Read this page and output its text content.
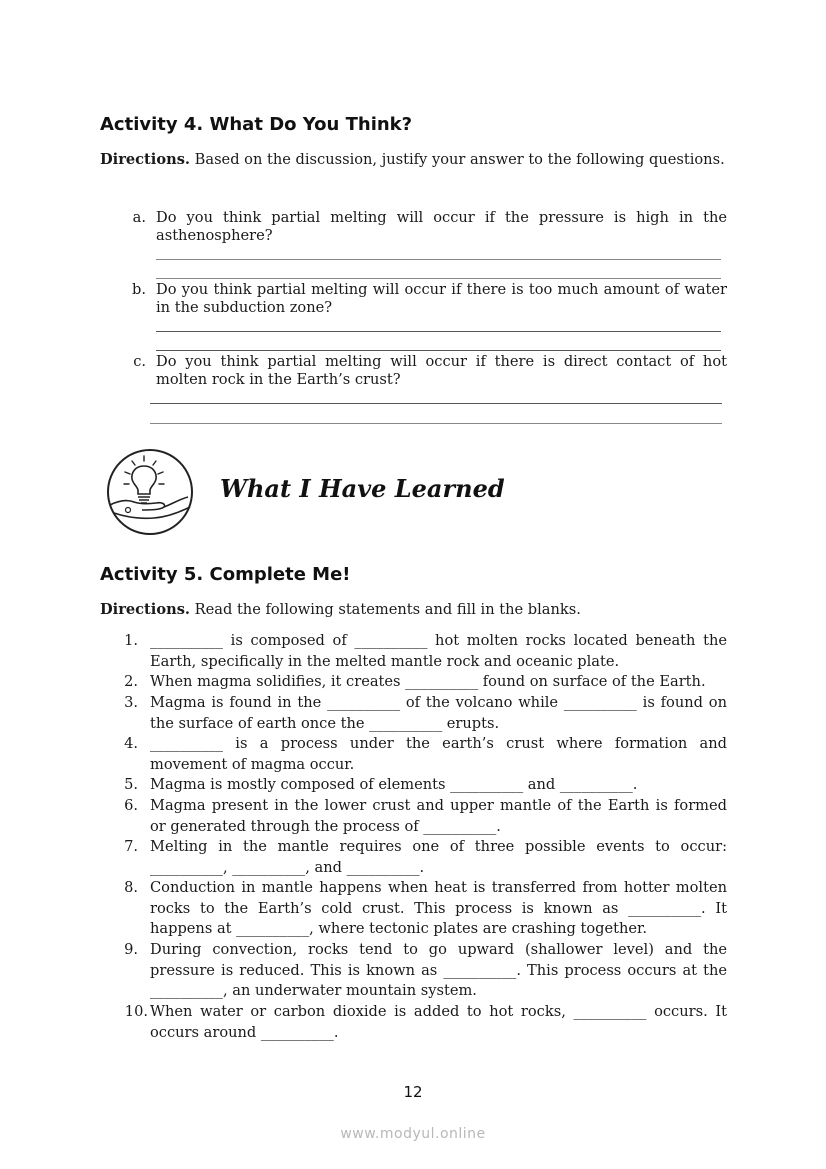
Activity 4. What Do You Think?
Directions. Based on the discussion, justify your answer to the following questions.
a. Do you think partial melting will occur if the pressure is high in the asthenosphere?
b. Do you think partial melting will occur if there is too much amount of water in the subduction zone?
c. Do you think partial melting will occur if there is direct contact of hot molten rock in the Earth’s crust?
What I Have Learned
Activity 5. Complete Me!
Directions. Read the following statements and fill in the blanks.
1. __________ is composed of __________ hot molten rocks located beneath the Earth, specifically in the melted mantle rock and oceanic plate.
2. When magma solidifies, it creates __________ found on surface of the Earth.
3. Magma is found in the __________ of the volcano while __________ is found on the surface of earth once the __________ erupts.
4. __________ is a process under the earth’s crust where formation and movement of magma occur.
5. Magma is mostly composed of elements __________ and __________.
6. Magma present in the lower crust and upper mantle of the Earth is formed or generated through the process of __________.
7. Melting in the mantle requires one of three possible events to occur: __________, __________, and __________.
8. Conduction in mantle happens when heat is transferred from hotter molten rocks to the Earth’s cold crust. This process is known as __________. It happens at __________, where tectonic plates are crashing together.
9. During convection, rocks tend to go upward (shallower level) and the pressure is reduced. This is known as __________. This process occurs at the __________, an underwater mountain system.
10. When water or carbon dioxide is added to hot rocks, __________ occurs. It occurs around __________.
12
www.modyul.online
